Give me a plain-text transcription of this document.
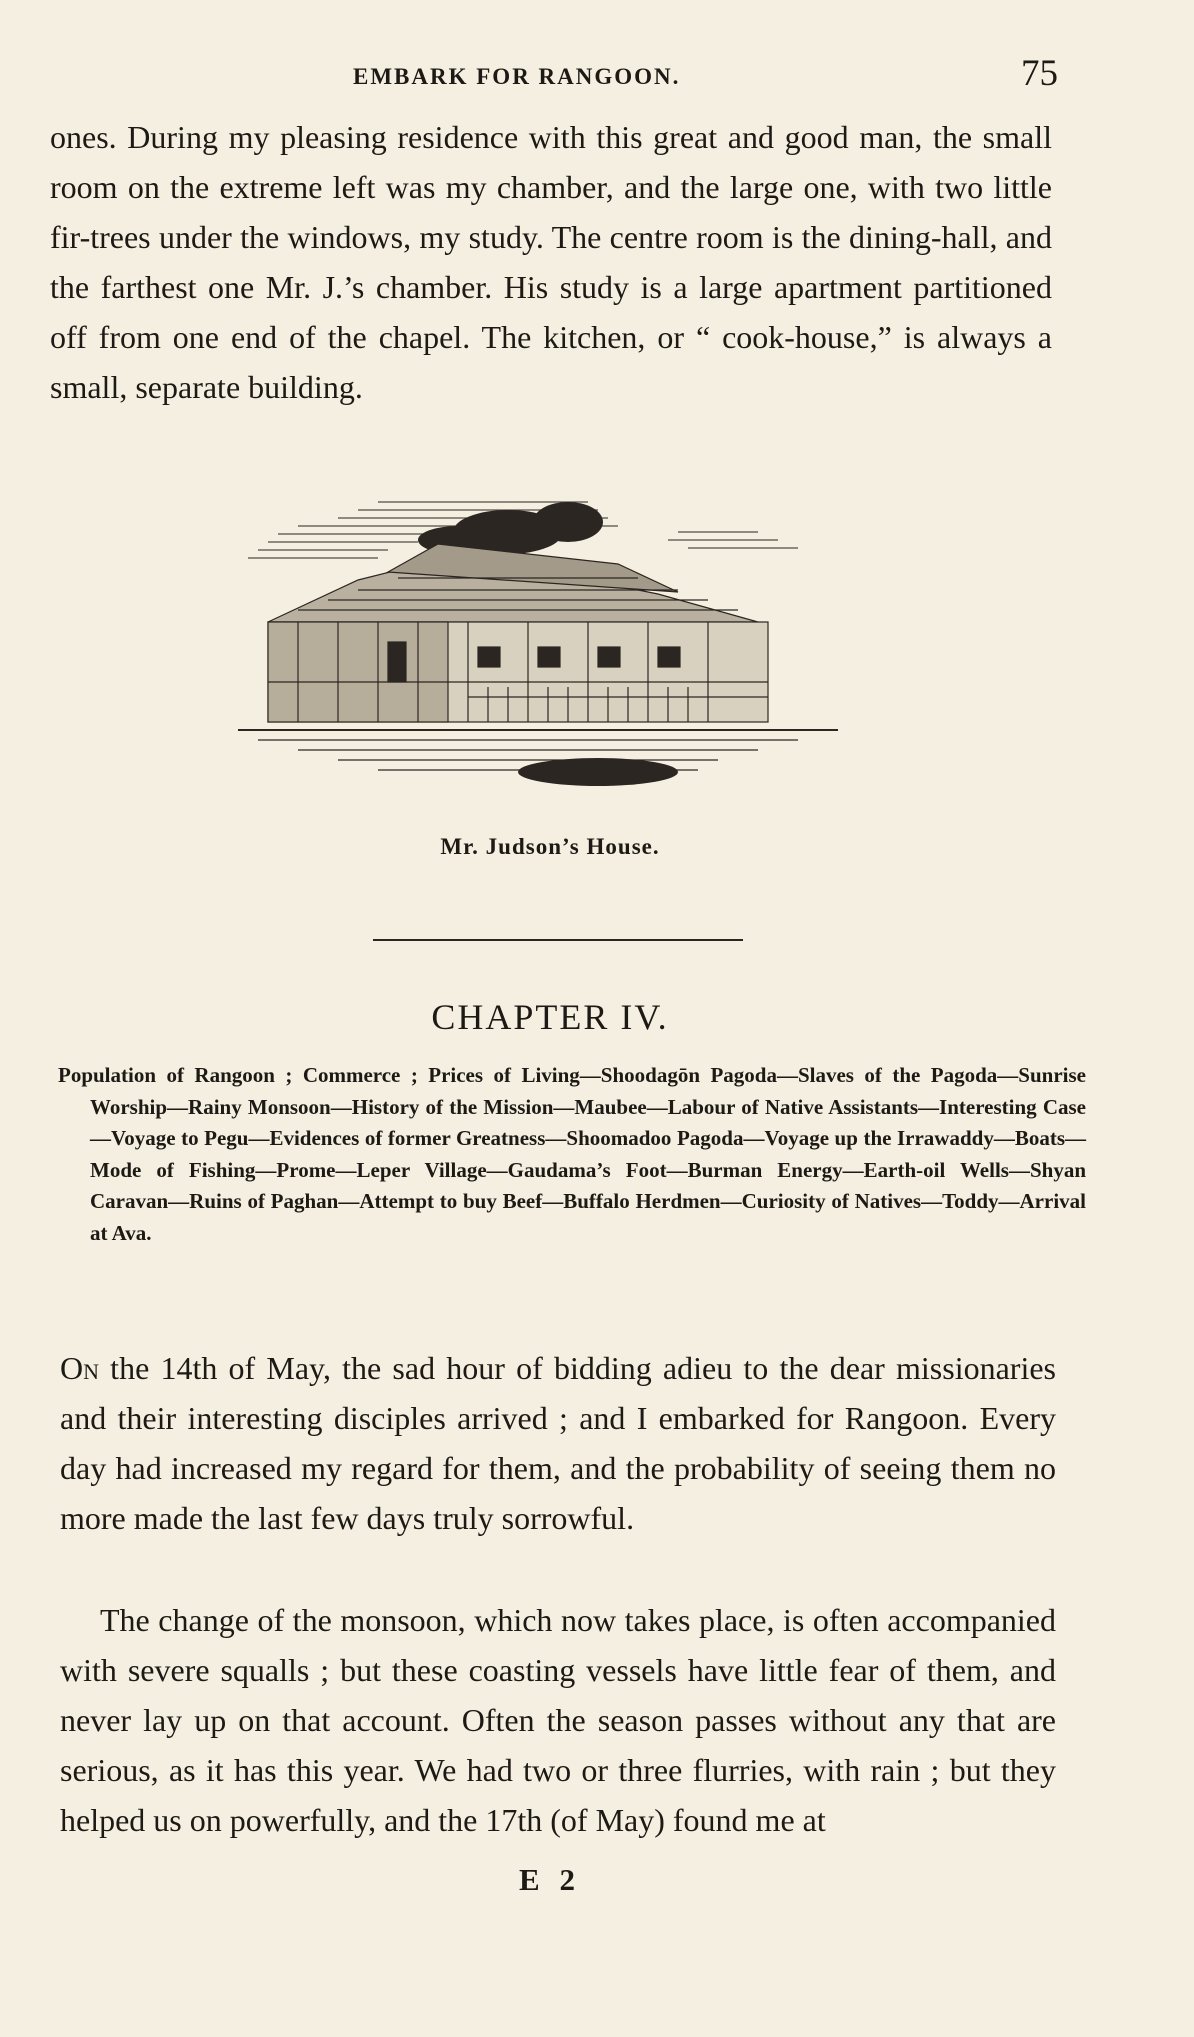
EMBARK FOR RANGOON.	75

ones. During my pleasing residence with this great and good man, the small room on the extreme left was my chamber, and the large one, with two little fir-trees under the windows, my study. The centre room is the dining-hall, and the farthest one Mr. J.’s chamber. His study is a large apartment partitioned off from one end of the chapel. The kitchen, or “ cook-house,” is always a small, separate building.

Mr. Judson’s House.
CHAPTER IV.

Population of Rangoon ; Commerce ; Prices of Living—Shoodagōn Pagoda—Slaves of the Pagoda—Sunrise Worship—Rainy Monsoon—History of the Mission—Maubee—Labour of Native Assistants—Interesting Case—Voyage to Pegu—Evidences of former Greatness—Shoomadoo Pagoda—Voyage up the Irrawaddy—Boats—Mode of Fishing—Prome—Leper Village—Gaudama’s Foot—Burman Energy—Earth-oil Wells—Shyan Caravan—Ruins of Paghan—Attempt to buy Beef—Buffalo Herdmen—Curiosity of Natives—Toddy—Arrival at Ava.

On the 14th of May, the sad hour of bidding adieu to the dear missionaries and their interesting disciples arrived ; and I embarked for Rangoon. Every day had increased my regard for them, and the probability of seeing them no more made the last few days truly sorrowful.

The change of the monsoon, which now takes place, is often accompanied with severe squalls ; but these coasting vessels have little fear of them, and never lay up on that account. Often the season passes without any that are serious, as it has this year. We had two or three flurries, with rain ; but they helped us on powerfully, and the 17th (of May) found me at

E 2
